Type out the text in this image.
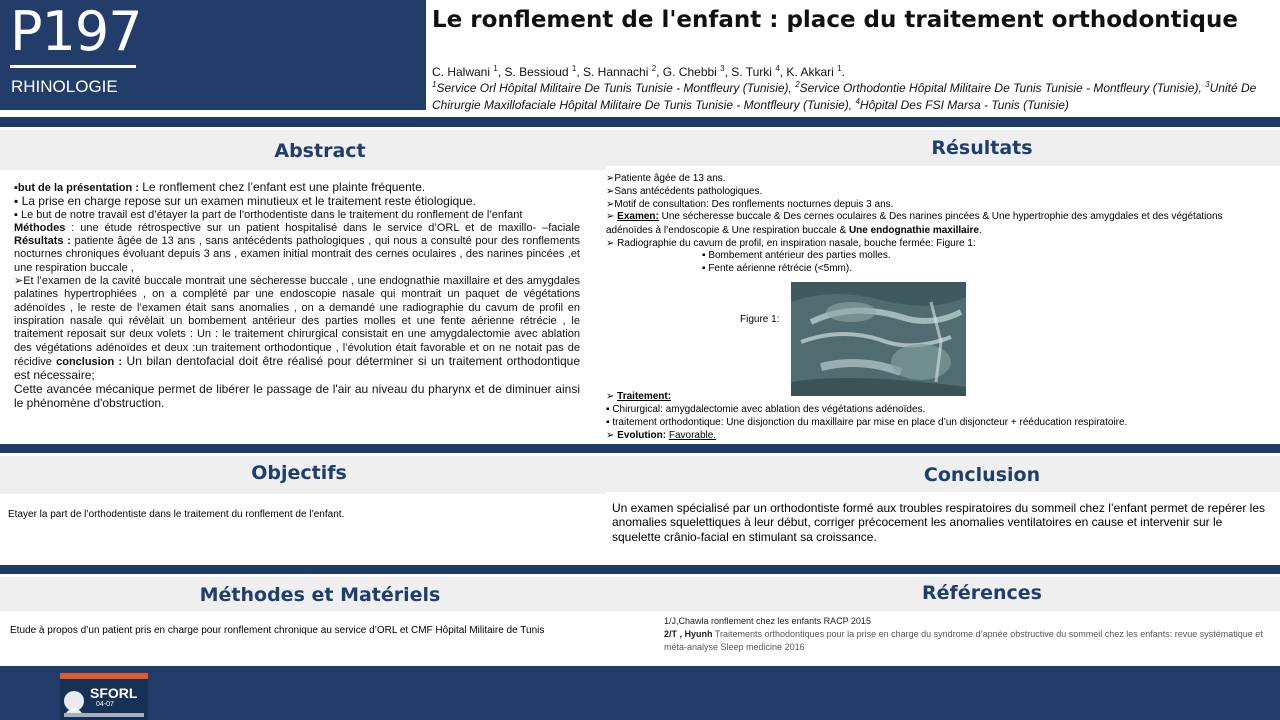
P197
RHINOLOGIE
Le ronflement de l'enfant : place du traitement orthodontique
C. Halwani $^1$, S. Bessioud $^1$, S. Hannachi $^2$, G. Chebbi $^3$, S. Turki $^4$, K. Akkari $^1$.
$^1$Service Orl Hôpital Militaire De Tunis Tunisie - Montfleury (Tunisie), $^2$Service Orthodontie Hôpital Militaire De Tunis Tunisie - Montfleury (Tunisie), $^3$Unité De Chirurgie Maxillofaciale Hôpital Militaire De Tunis Tunisie - Montfleury (Tunisie), $^4$Hôpital Des FSI Marsa - Tunis (Tunisie)
Abstract	Résultats
▪but de la présentation : Le ronflement chez l’enfant est une plainte fréquente.
▪ La prise en charge repose sur un examen minutieux et le traitement reste étiologique.
▪ Le but de notre travail est d’étayer la part de l’orthodentiste dans le traitement du ronflement de l’enfant
Méthodes : une étude rétrospective sur un patient hospitalisé dans le service d’ORL et de maxillo- –faciale Résultats : patiente âgée de 13 ans , sans antécédents pathologiques , qui nous a consulté pour des ronflements nocturnes chroniques évoluant depuis 3 ans , examen initial montrait des cernes oculaires , des narines pincées ,et une respiration buccale ,
➢Et l’examen de la cavité buccale montrait une sècheresse buccale , une endognathie maxillaire et des amygdales palatines hypertrophiées , on a complété par une endoscopie nasale qui montrait un paquet de végétations adénoïdes , le reste de l’examen était sans anomalies , on a demandé une radiographie du cavum de profil en inspiration nasale qui révèlait un bombement antérieur des parties molles et une fente aérienne rétrécie , le traitement reposait sur deux volets : Un : le traitement chirurgical consistait en une amygdalectomie avec ablation des végétations adénoïdes et deux :un traitement orthodontique , l’évolution était favorable et on ne notait pas de récidive conclusion : Un bilan dentofacial doit être réalisé pour déterminer si un traitement orthodontique est nécessaire;
Cette avancée mécanique permet de libérer le passage de l'air au niveau du pharynx et de diminuer ainsi le phénomène d'obstruction.
➢Patiente âgée de 13 ans.
➢Sans antécédents pathologiques.
➢Motif de consultation: Des ronflements nocturnes depuis 3 ans.
➢ Examen: Une sécheresse buccale & Des cernes oculaires & Des narines pincées & Une hypertrophie des amygdales et des végétations adénoïdes à l’endoscopie & Une respiration buccale & Une endognathie maxillaire.
➢ Radiographie du cavum de profil, en inspiration nasale, bouche fermée: Figure 1:
▪ Bombement antérieur des parties molles.
▪ Fente aérienne rétrécie (<5mm).
Figure 1:
➢ Traitement:
▪ Chirurgical: amygdalectomie avec ablation des végétations adénoïdes.
▪ traitement orthodontique: Une disjonction du maxillaire par mise en place d’un disjoncteur + rééducation respiratoire.
➢ Evolution: Favorable.
Objectifs	Conclusion
Etayer la part de l’orthodentiste dans le traitement du ronflement de l’enfant.	Un examen spécialisé par un orthodontiste formé aux troubles respiratoires du sommeil chez l’enfant permet de repérer les anomalies squelettiques à leur début, corriger précocement les anomalies ventilatoires en cause et intervenir sur le squelette crânio-facial en stimulant sa croissance.
Méthodes et Matériels	Références
Etude à propos d’un patient pris en charge pour ronflement chronique au service d’ORL et CMF Hôpital Militaire de Tunis
1/J,Chawla ronflement chez les enfants RACP 2015
2/T , Hyunh Traitements orthodontiques pour la prise en charge du syndrome d’apnée obstructive du sommeil chez les enfants: revue systématique et méta-analyse Sleep medicine 2016
SFORL
04-07
